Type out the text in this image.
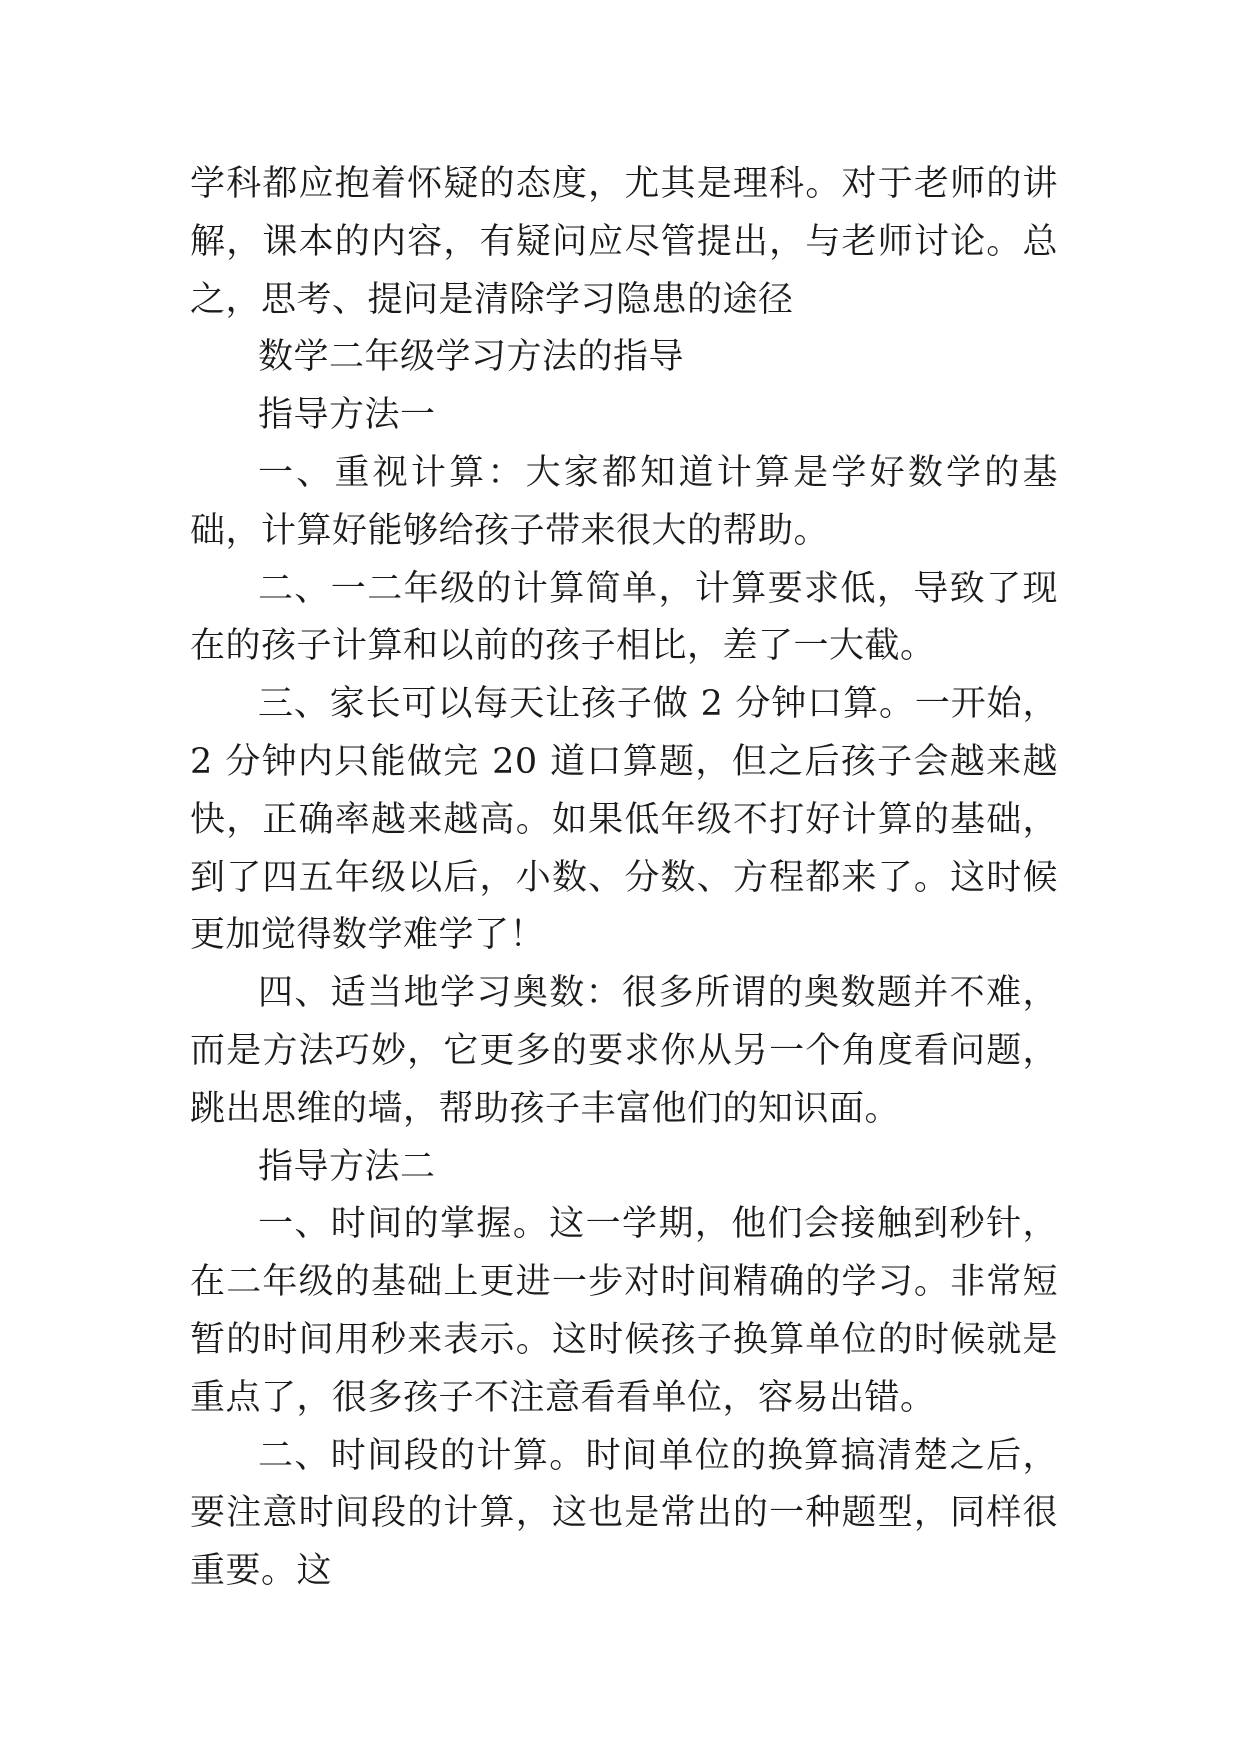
学科都应抱着怀疑的态度，尤其是理科。对于老师的讲解，课本的内容，有疑问应尽管提出，与老师讨论。总之，思考、提问是清除学习隐患的途径

数学二年级学习方法的指导

指导方法一

一、重视计算：大家都知道计算是学好数学的基础，计算好能够给孩子带来很大的帮助。

二、一二年级的计算简单，计算要求低，导致了现在的孩子计算和以前的孩子相比，差了一大截。

三、家长可以每天让孩子做 2 分钟口算。一开始，2 分钟内只能做完 20 道口算题，但之后孩子会越来越快，正确率越来越高。如果低年级不打好计算的基础，到了四五年级以后，小数、分数、方程都来了。这时候更加觉得数学难学了！

四、适当地学习奥数：很多所谓的奥数题并不难，而是方法巧妙，它更多的要求你从另一个角度看问题，跳出思维的墙，帮助孩子丰富他们的知识面。

指导方法二

一、时间的掌握。这一学期，他们会接触到秒针，在二年级的基础上更进一步对时间精确的学习。非常短暂的时间用秒来表示。这时候孩子换算单位的时候就是重点了，很多孩子不注意看看单位，容易出错。

二、时间段的计算。时间单位的换算搞清楚之后，要注意时间段的计算，这也是常出的一种题型，同样很重要。这
